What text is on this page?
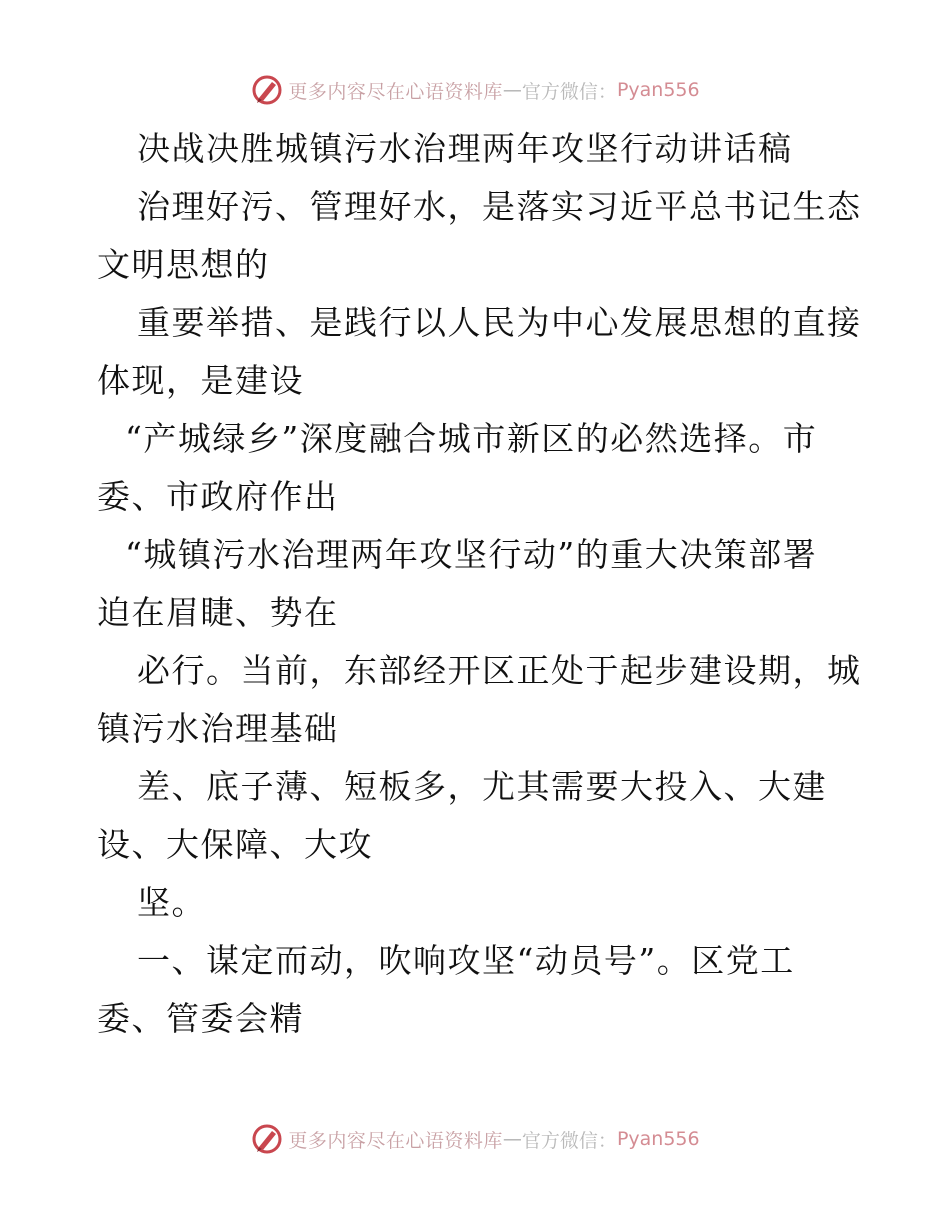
更多内容尽在心语资料库 — 官方微信： Pyan556
决战决胜城镇污水治理两年攻坚行动讲话稿
治理好污、管理好水，是落实习近平总书记生态
文明思想的
重要举措、是践行以人民为中心发展思想的直接
体现，是建设
“产城绿乡”深度融合城市新区的必然选择。市
委、市政府作出
“城镇污水治理两年攻坚行动”的重大决策部署
迫在眉睫、势在
必行。当前，东部经开区正处于起步建设期，城
镇污水治理基础
差、底子薄、短板多，尤其需要大投入、大建
设、大保障、大攻
坚。
一、谋定而动，吹响攻坚“动员号”。区党工
委、管委会精
更多内容尽在心语资料库 — 官方微信： Pyan556
